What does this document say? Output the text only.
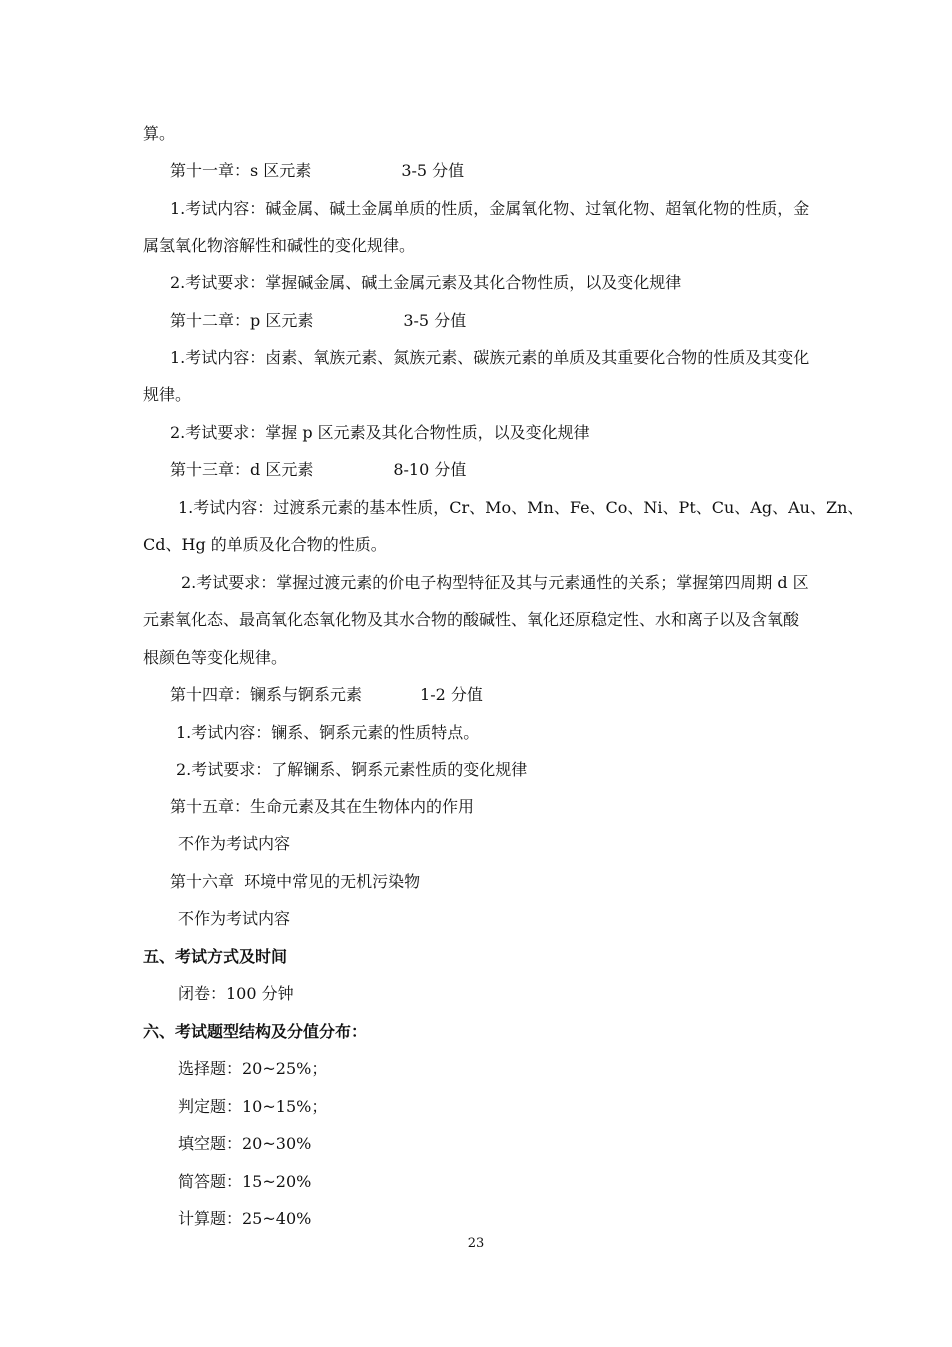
算。
第十一章：s 区元素	3-5 分值
1.考试内容：碱金属、碱土金属单质的性质，金属氧化物、过氧化物、超氧化物的性质，金
属氢氧化物溶解性和碱性的变化规律。
2.考试要求：掌握碱金属、碱土金属元素及其化合物性质，以及变化规律
第十二章：p 区元素	3-5 分值
1.考试内容：卤素、氧族元素、氮族元素、碳族元素的单质及其重要化合物的性质及其变化
规律。
2.考试要求：掌握 p 区元素及其化合物性质，以及变化规律
第十三章：d 区元素	8-10 分值
1.考试内容：过渡系元素的基本性质，Cr、Mo、Mn、Fe、Co、Ni、Pt、Cu、Ag、Au、Zn、
Cd、Hg 的单质及化合物的性质。
2.考试要求：掌握过渡元素的价电子构型特征及其与元素通性的关系；掌握第四周期 d 区
元素氧化态、最高氧化态氧化物及其水合物的酸碱性、氧化还原稳定性、水和离子以及含氧酸
根颜色等变化规律。
第十四章：镧系与锕系元素	1-2 分值
1.考试内容：镧系、锕系元素的性质特点。
2.考试要求：了解镧系、锕系元素性质的变化规律
第十五章：生命元素及其在生物体内的作用
不作为考试内容
第十六章  环境中常见的无机污染物
不作为考试内容
五、考试方式及时间
闭卷：100 分钟
六、考试题型结构及分值分布：
选择题：20~25%；
判定题：10~15%；
填空题：20~30%
简答题：15~20%
计算题：25~40%
23
